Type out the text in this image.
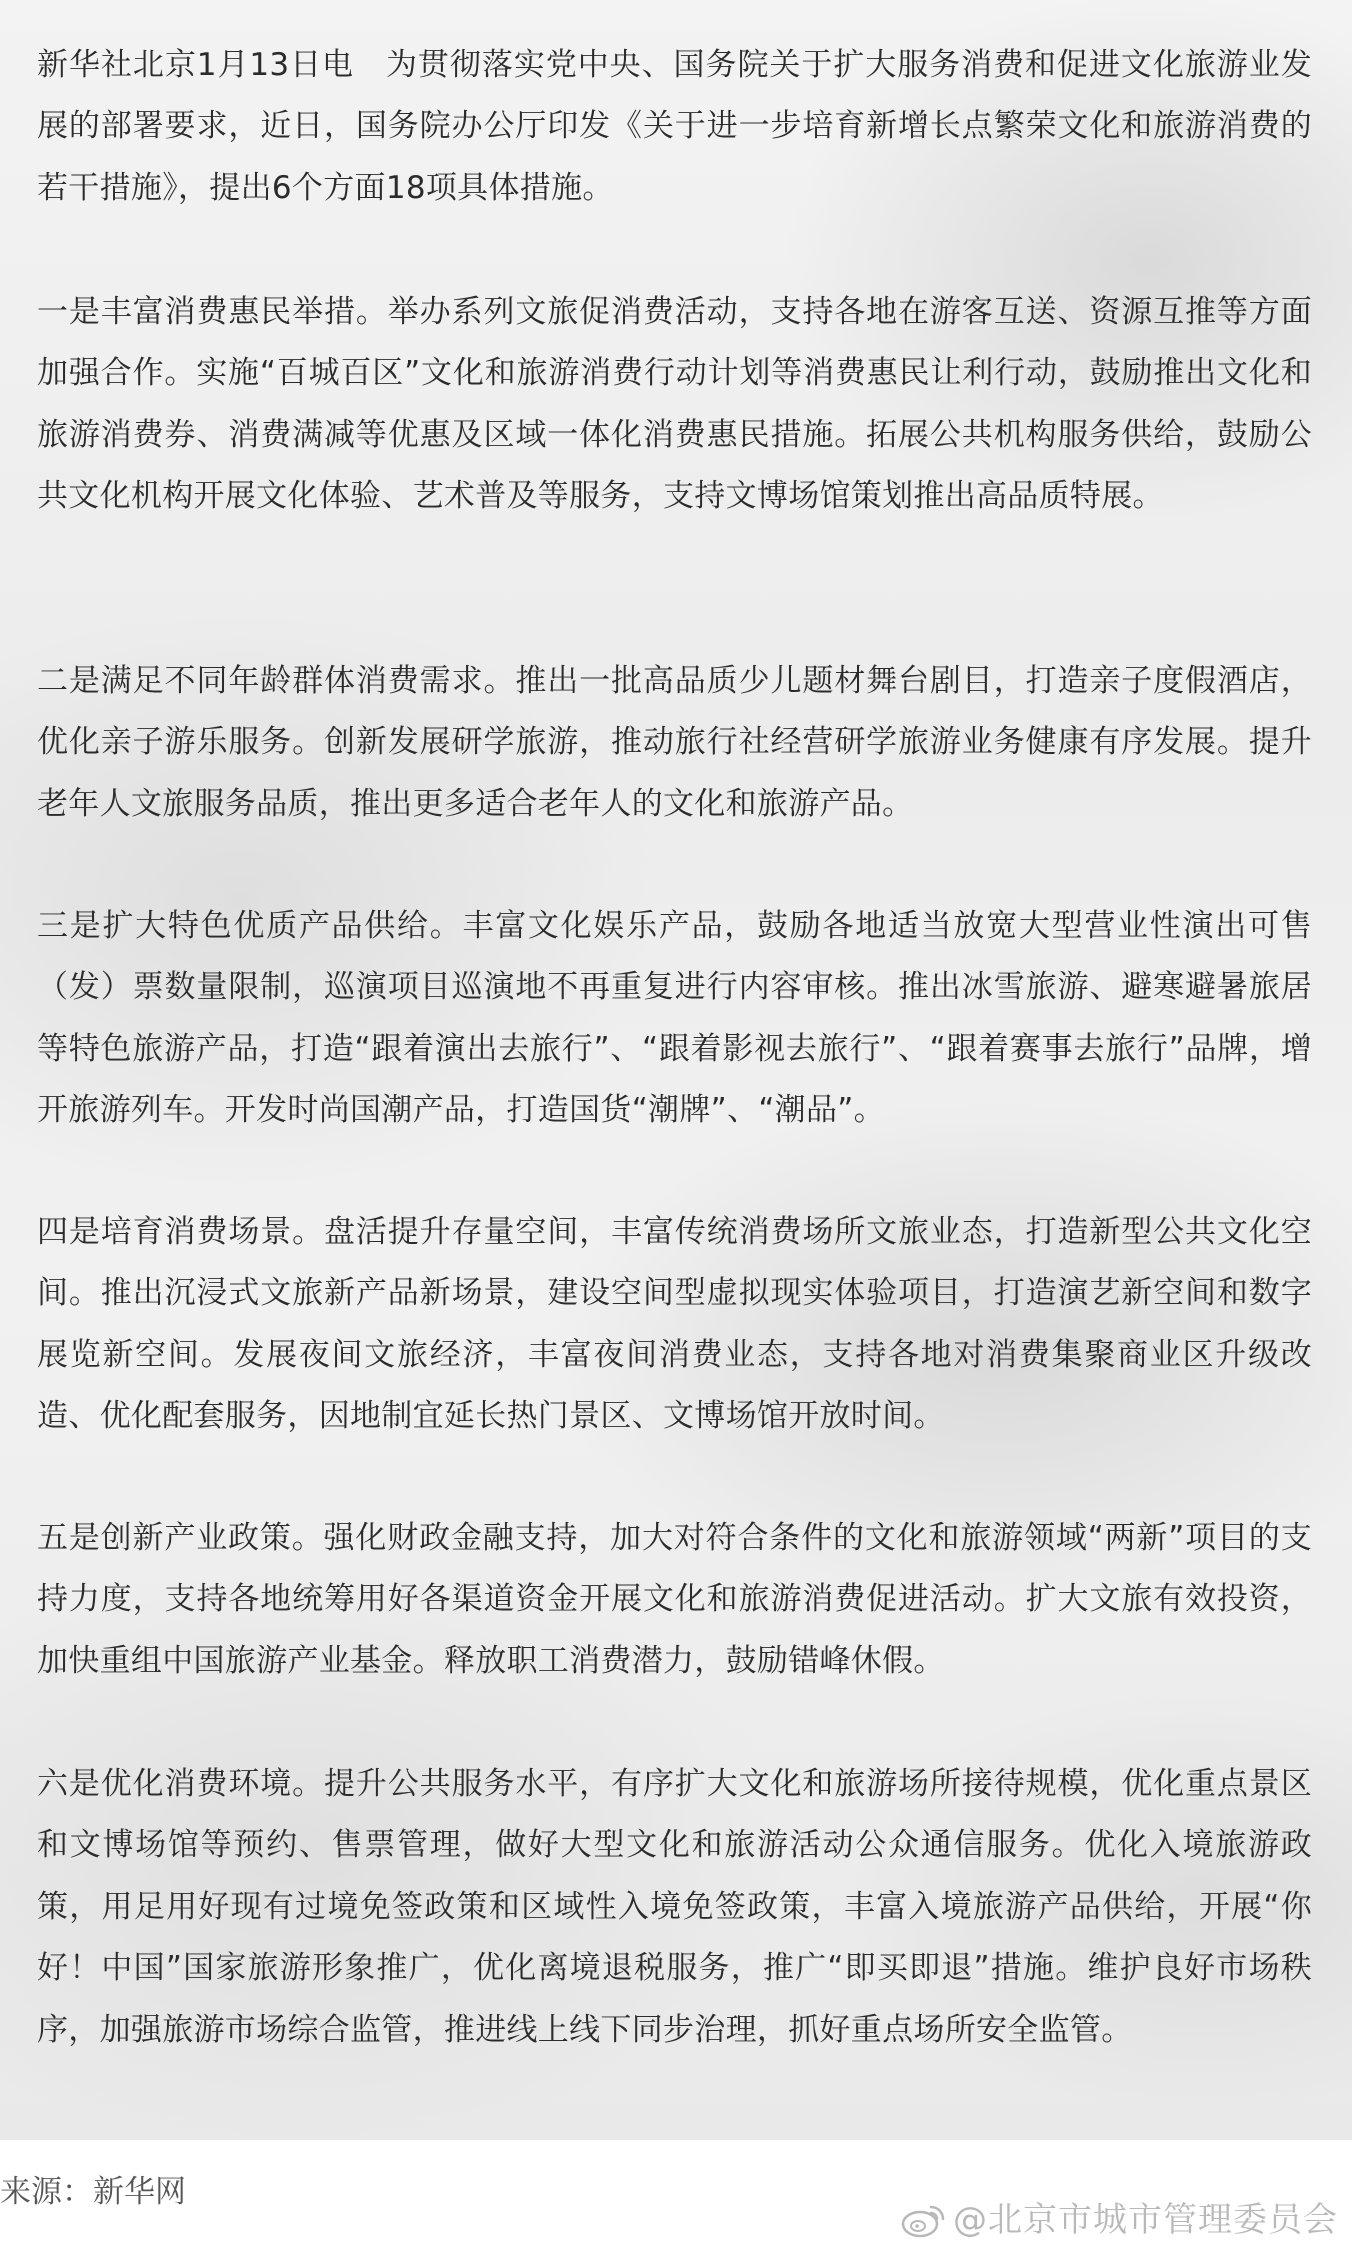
新华社北京1月13日电　为贯彻落实党中央、国务院关于扩大服务消费和促进文化旅游业发展的部署要求，近日，国务院办公厅印发《关于进一步培育新增长点繁荣文化和旅游消费的若干措施》，提出6个方面18项具体措施。

一是丰富消费惠民举措。举办系列文旅促消费活动，支持各地在游客互送、资源互推等方面加强合作。实施“百城百区”文化和旅游消费行动计划等消费惠民让利行动，鼓励推出文化和旅游消费券、消费满减等优惠及区域一体化消费惠民措施。拓展公共机构服务供给，鼓励公共文化机构开展文化体验、艺术普及等服务，支持文博场馆策划推出高品质特展。

二是满足不同年龄群体消费需求。推出一批高品质少儿题材舞台剧目，打造亲子度假酒店，优化亲子游乐服务。创新发展研学旅游，推动旅行社经营研学旅游业务健康有序发展。提升老年人文旅服务品质，推出更多适合老年人的文化和旅游产品。

三是扩大特色优质产品供给。丰富文化娱乐产品，鼓励各地适当放宽大型营业性演出可售（发）票数量限制，巡演项目巡演地不再重复进行内容审核。推出冰雪旅游、避寒避暑旅居等特色旅游产品，打造“跟着演出去旅行”、“跟着影视去旅行”、“跟着赛事去旅行”品牌，增开旅游列车。开发时尚国潮产品，打造国货“潮牌”、“潮品”。

四是培育消费场景。盘活提升存量空间，丰富传统消费场所文旅业态，打造新型公共文化空间。推出沉浸式文旅新产品新场景，建设空间型虚拟现实体验项目，打造演艺新空间和数字展览新空间。发展夜间文旅经济，丰富夜间消费业态，支持各地对消费集聚商业区升级改造、优化配套服务，因地制宜延长热门景区、文博场馆开放时间。

五是创新产业政策。强化财政金融支持，加大对符合条件的文化和旅游领域“两新”项目的支持力度，支持各地统筹用好各渠道资金开展文化和旅游消费促进活动。扩大文旅有效投资，加快重组中国旅游产业基金。释放职工消费潜力，鼓励错峰休假。

六是优化消费环境。提升公共服务水平，有序扩大文化和旅游场所接待规模，优化重点景区和文博场馆等预约、售票管理，做好大型文化和旅游活动公众通信服务。优化入境旅游政策，用足用好现有过境免签政策和区域性入境免签政策，丰富入境旅游产品供给，开展“你好！中国”国家旅游形象推广，优化离境退税服务，推广“即买即退”措施。维护良好市场秩序，加强旅游市场综合监管，推进线上线下同步治理，抓好重点场所安全监管。

来源：新华网
@北京市城市管理委员会
